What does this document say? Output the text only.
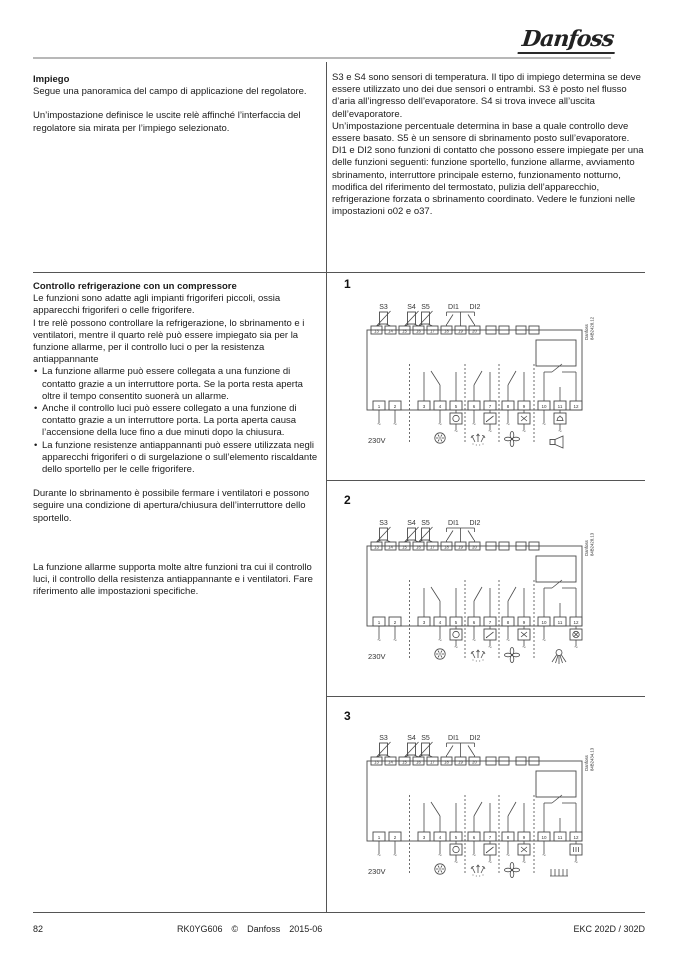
Danfoss
Impiego

Segue una panoramica del campo di applicazione del regolatore.

Un’impostazione definisce le uscite relè affinché l’interfaccia del regolatore sia mirata per l’impiego selezionato.

S3 e S4 sono sensori di temperatura. Il tipo di impiego determina se deve essere utilizzato uno dei due sensori o entrambi. S3 è posto nel flusso d’aria all’ingresso dell’evaporatore. S4 si trova invece all’uscita dell’evaporatore.

Un’impostazione percentuale determina in base a quale controllo deve essere basato. S5 è un sensore di sbrinamento posto sull’evaporatore.

DI1 e DI2 sono funzioni di contatto che possono essere impiegate per una delle funzioni seguenti: funzione sportello, funzione allarme, avviamento sbrinamento, interruttore principale esterno, funzionamento notturno, modifica del riferimento del termostato, pulizia dell’apparecchio, refrigerazione forzata o sbrinamento coordinato. Vedere le funzioni nelle impostazioni o02 e o37.

Controllo refrigerazione con un compressore

Le funzioni sono adatte agli impianti frigoriferi piccoli, ossia apparecchi frigoriferi o celle frigorifere.

I tre relè possono controllare la refrigerazione, lo sbrinamento e i ventilatori, mentre il quarto relè può essere impiegato sia per la funzione allarme, per il controllo luci o per la resistenza antiappannante

• La funzione allarme può essere collegata a una funzione di contatto grazie a un interruttore porta. Se la porta resta aperta oltre il tempo consentito suonerà un allarme.
• Anche il controllo luci può essere collegato a una funzione di contatto grazie a un interruttore porta. La porta aperta causa l’accensione della luce fino a due minuti dopo la chiusura.
• La funzione resistenze antiappannanti può essere utilizzata negli apparecchi frigoriferi o di surgelazione o sull’elemento riscaldante dello sportello per le celle frigorifere.

Durante lo sbrinamento è possibile fermare i ventilatori e possono seguire una condizione di apertura/chiusura dell’interruttore dello sportello.

La funzione allarme supporta molte altre funzioni tra cui il controllo luci, il controllo della resistenza antiappannante e i ventilatori. Fare riferimento alle impostazioni specifiche.

1
13 14 15 16 17 18 19 20
S3	S4 S5	DI1 DI2
Danfoss 84B2428.12
1	2	3	4	5	6	7	8	9	10 11 12
~ ~
230V
~
~
~
~
~
~
~
~
2
13 14 15 16 17 18 19 20
S3	S4 S5	DI1 DI2
Danfoss 84B2428.13
1	2	3	4	5	6	7	8	9	10 11 12
~ ~
230V
~
~
~
~
~
~
~
~
3
13 14 15 16 17 18 19 20
S3	S4 S5	DI1 DI2
Danfoss 84B2434.13
1	2	3	4	5	6	7	8	9	10 11 12
~ ~
230V
~
~
~
~
~
~
~
~
82	RK0YG606 © Danfoss 2015-06	EKC 202D / 302D
